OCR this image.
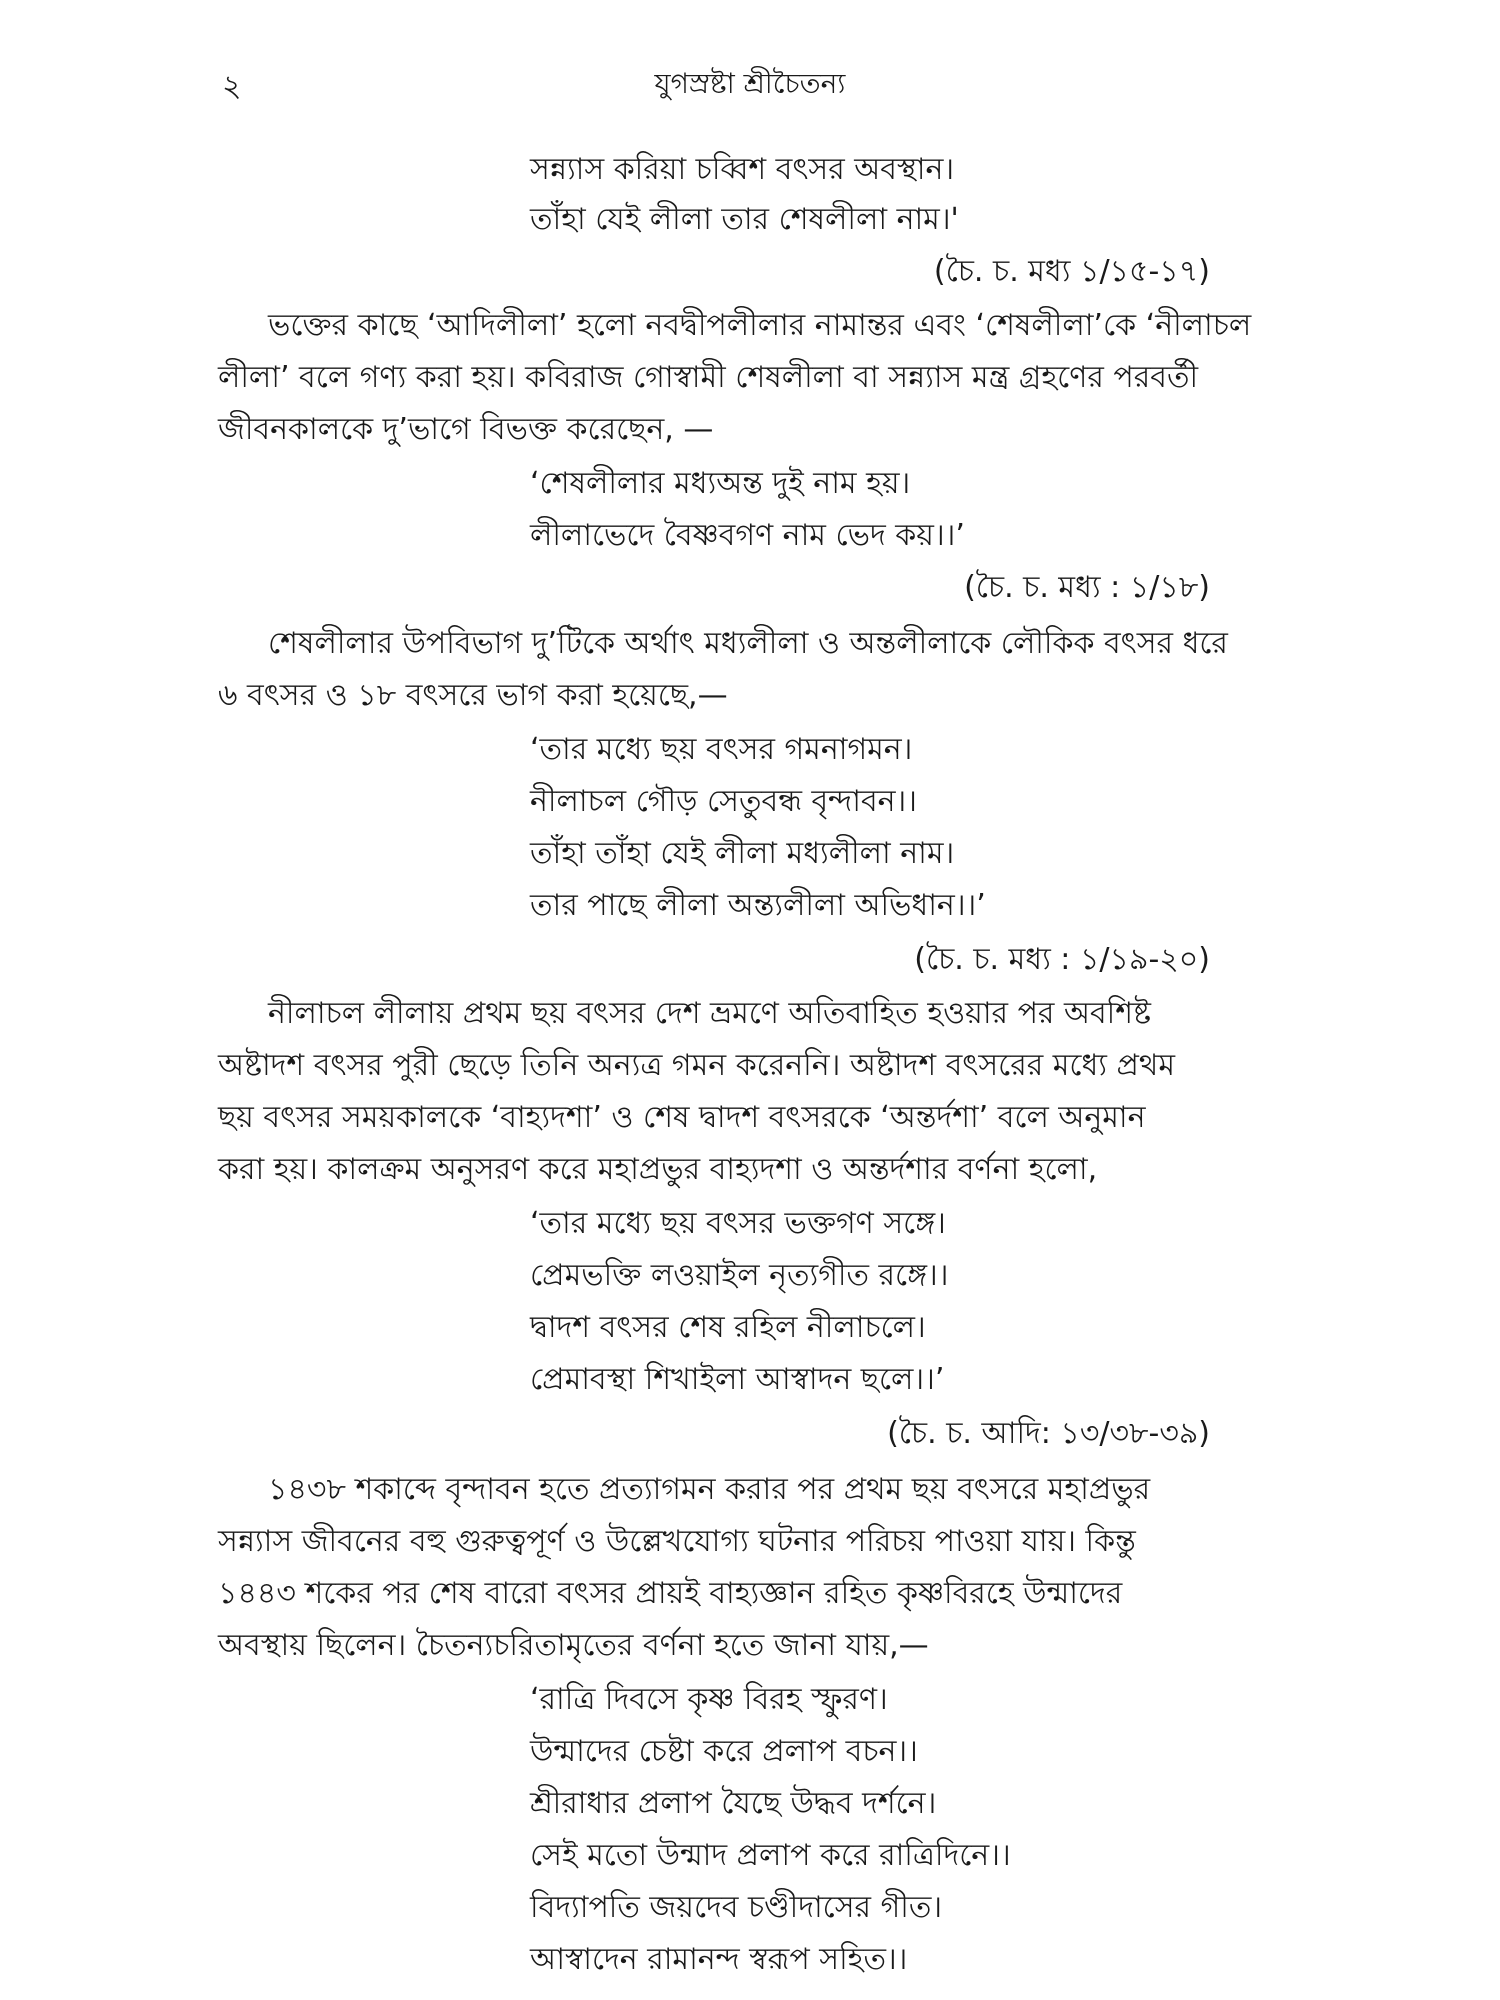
২	যুগস্রষ্টা শ্রীচৈতন্য
সন্ন্যাস করিয়া চব্বিশ বৎসর অবস্থান।
তাঁহা যেই লীলা তার শেষলীলা নাম।'
(চৈ. চ. মধ্য ১/১৫-১৭)
ভক্তের কাছে ‘আদিলীলা’ হলো নবদ্বীপলীলার নামান্তর এবং ‘শেষলীলা’কে ‘নীলাচল
লীলা’ বলে গণ্য করা হয়। কবিরাজ গোস্বামী শেষলীলা বা সন্ন্যাস মন্ত্র গ্রহণের পরবর্তী
জীবনকালকে দু’ভাগে বিভক্ত করেছেন, —
‘শেষলীলার মধ্যঅন্ত দুই নাম হয়।
লীলাভেদে বৈষ্ণবগণ নাম ভেদ কয়।।’
(চৈ. চ. মধ্য : ১/১৮)
শেষলীলার উপবিভাগ দু’টিকে অর্থাৎ মধ্যলীলা ও অন্তলীলাকে লৌকিক বৎসর ধরে
৬ বৎসর ও ১৮ বৎসরে ভাগ করা হয়েছে,—
‘তার মধ্যে ছয় বৎসর গমনাগমন।
নীলাচল গৌড় সেতুবন্ধ বৃন্দাবন।।
তাঁহা তাঁহা যেই লীলা মধ্যলীলা নাম।
তার পাছে লীলা অন্ত্যলীলা অভিধান।।’
(চৈ. চ. মধ্য : ১/১৯-২০)
নীলাচল লীলায় প্রথম ছয় বৎসর দেশ ভ্রমণে অতিবাহিত হওয়ার পর অবশিষ্ট
অষ্টাদশ বৎসর পুরী ছেড়ে তিনি অন্যত্র গমন করেননি। অষ্টাদশ বৎসরের মধ্যে প্রথম
ছয় বৎসর সময়কালকে ‘বাহ্যদশা’ ও শেষ দ্বাদশ বৎসরকে ‘অন্তর্দশা’ বলে অনুমান
করা হয়। কালক্রম অনুসরণ করে মহাপ্রভুর বাহ্যদশা ও অন্তর্দশার বর্ণনা হলো,
‘তার মধ্যে ছয় বৎসর ভক্তগণ সঙ্গে।
প্রেমভক্তি লওয়াইল নৃত্যগীত রঙ্গে।।
দ্বাদশ বৎসর শেষ রহিল নীলাচলে।
প্রেমাবস্থা শিখাইলা আস্বাদন ছলে।।’
(চৈ. চ. আদি: ১৩/৩৮-৩৯)
১৪৩৮ শকাব্দে বৃন্দাবন হতে প্রত্যাগমন করার পর প্রথম ছয় বৎসরে মহাপ্রভুর
সন্ন্যাস জীবনের বহু গুরুত্বপূর্ণ ও উল্লেখযোগ্য ঘটনার পরিচয় পাওয়া যায়। কিন্তু
১৪৪৩ শকের পর শেষ বারো বৎসর প্রায়ই বাহ্যজ্ঞান রহিত কৃষ্ণবিরহে উন্মাদের
অবস্থায় ছিলেন। চৈতন্যচরিতামৃতের বর্ণনা হতে জানা যায়,—
‘রাত্রি দিবসে কৃষ্ণ বিরহ স্ফুরণ।
উন্মাদের চেষ্টা করে প্রলাপ বচন।।
শ্রীরাধার প্রলাপ যৈছে উদ্ধব দর্শনে।
সেই মতো উন্মাদ প্রলাপ করে রাত্রিদিনে।।
বিদ্যাপতি জয়দেব চণ্ডীদাসের গীত।
আস্বাদেন রামানন্দ স্বরূপ সহিত।।
